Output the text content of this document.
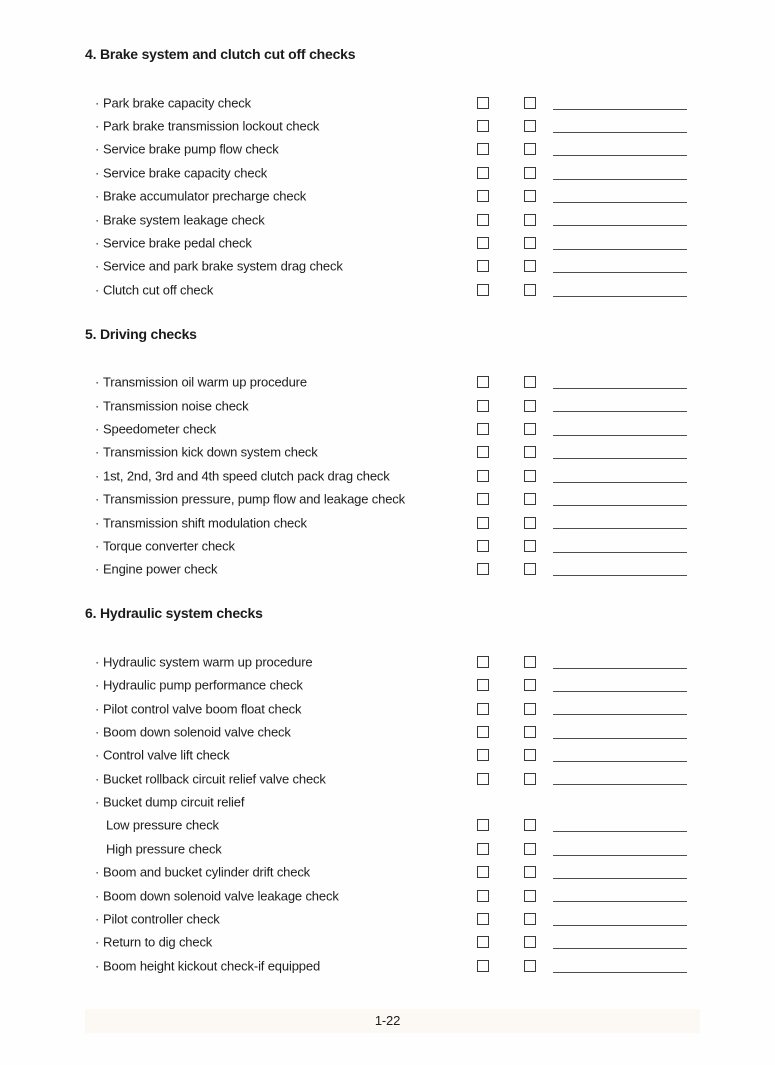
4. Brake system and clutch cut off checks
· Park brake capacity check
· Park brake transmission lockout check
· Service brake pump flow check
· Service brake capacity check
· Brake accumulator precharge check
· Brake system leakage check
· Service brake pedal check
· Service and park brake system drag check
· Clutch cut off check
5. Driving checks
· Transmission oil warm up procedure
· Transmission noise check
· Speedometer check
· Transmission kick down system check
· 1st, 2nd, 3rd and 4th speed clutch pack drag check
· Transmission pressure, pump flow and leakage check
· Transmission shift modulation check
· Torque converter check
· Engine power check
6. Hydraulic system checks
· Hydraulic system warm up procedure
· Hydraulic pump performance check
· Pilot control valve boom float check
· Boom down solenoid valve check
· Control valve lift check
· Bucket rollback circuit relief valve check
· Bucket dump circuit relief
Low pressure check
High pressure check
· Boom and bucket cylinder drift check
· Boom down solenoid valve leakage check
· Pilot controller check
· Return to dig check
· Boom height kickout check-if equipped
1-22
